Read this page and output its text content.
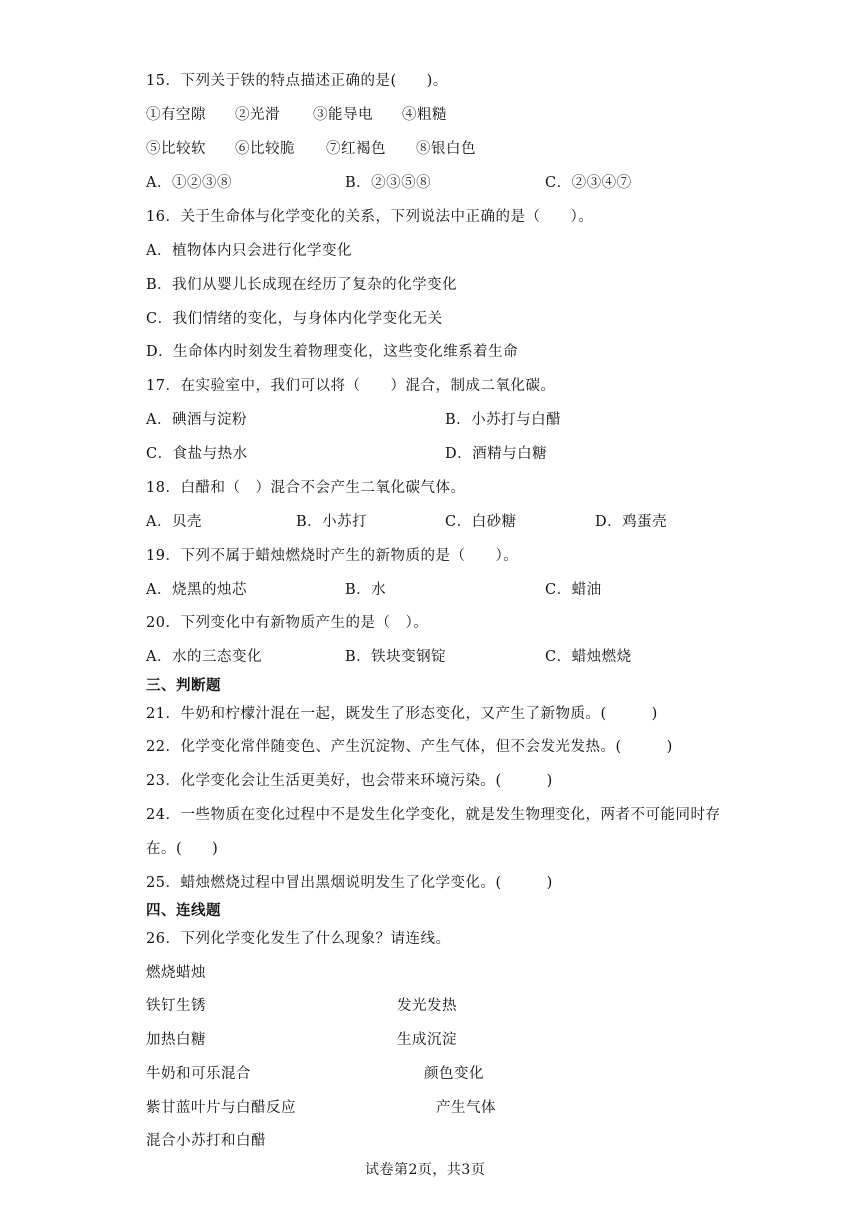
15．下列关于铁的特点描述正确的是(　　)。
①有空隙 ②光滑 ③能导电 ④粗糙
⑤比较软 ⑥比较脆 ⑦红褐色 ⑧银白色
A．①②③⑧	B．②③⑤⑧	C．②③④⑦
16．关于生命体与化学变化的关系，下列说法中正确的是（　　）。
A．植物体内只会进行化学变化
B．我们从婴儿长成现在经历了复杂的化学变化
C．我们情绪的变化，与身体内化学变化无关
D．生命体内时刻发生着物理变化，这些变化维系着生命
17．在实验室中，我们可以将（　　）混合，制成二氧化碳。
A．碘酒与淀粉	B．小苏打与白醋
C．食盐与热水	D．酒精与白糖
18．白醋和（　）混合不会产生二氧化碳气体。
A．贝壳	B．小苏打	C．白砂糖	D．鸡蛋壳
19．下列不属于蜡烛燃烧时产生的新物质的是（　　）。
A．烧黑的烛芯	B．水	C．蜡油
20．下列变化中有新物质产生的是（　）。
A．水的三态变化	B．铁块变钢锭	C．蜡烛燃烧
三、判断题
21．牛奶和柠檬汁混在一起，既发生了形态变化，又产生了新物质。(　　　)
22．化学变化常伴随变色、产生沉淀物、产生气体，但不会发光发热。(　　　)
23．化学变化会让生活更美好，也会带来环境污染。(　　　)
24．一些物质在变化过程中不是发生化学变化，就是发生物理变化，两者不可能同时存
在。(　　)
25．蜡烛燃烧过程中冒出黑烟说明发生了化学变化。(　　　)
四、连线题
26．下列化学变化发生了什么现象？请连线。
燃烧蜡烛
铁钉生锈
加热白糖
牛奶和可乐混合
紫甘蓝叶片与白醋反应
混合小苏打和白醋
发光发热
生成沉淀
颜色变化
产生气体
试卷第2页，共3页
